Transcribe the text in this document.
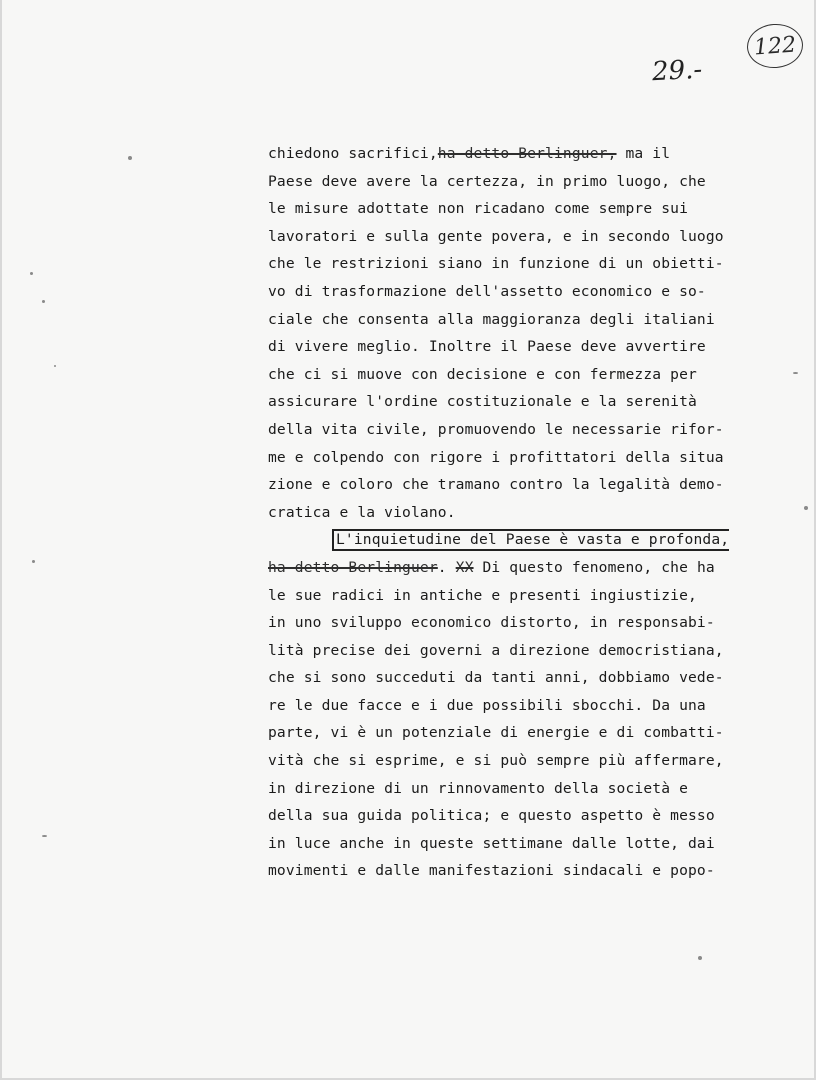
122
29.-
chiedono sacrifici,ha detto Berlinguer, ma il
Paese deve avere la certezza, in primo luogo, che
le misure adottate non ricadano come sempre sui
lavoratori e sulla gente povera, e in secondo luogo
che le restrizioni siano in funzione di un obietti-
vo di trasformazione dell'assetto economico e so-
ciale che consenta alla maggioranza degli italiani
di vivere meglio. Inoltre il Paese deve avvertire
che ci si muove con decisione e con fermezza per
assicurare l'ordine costituzionale e la serenità
della vita civile, promuovendo le necessarie rifor-
me e colpendo con rigore i profittatori della situa
zione e coloro che tramano contro la legalità demo-
cratica e la violano.
L'inquietudine del Paese è vasta e profonda,
ha detto Berlinguer. XX Di questo fenomeno, che ha
le sue radici in antiche e presenti ingiustizie,
in uno sviluppo economico distorto, in responsabi-
lità precise dei governi a direzione democristiana,
che si sono succeduti da tanti anni, dobbiamo vede-
re le due facce e i due possibili sbocchi. Da una
parte, vi è un potenziale di energie e di combatti-
vità che si esprime, e si può sempre più affermare,
in direzione di un rinnovamento della società e
della sua guida politica; e questo aspetto è messo
in luce anche in queste settimane dalle lotte, dai
movimenti e dalle manifestazioni sindacali e popo-
